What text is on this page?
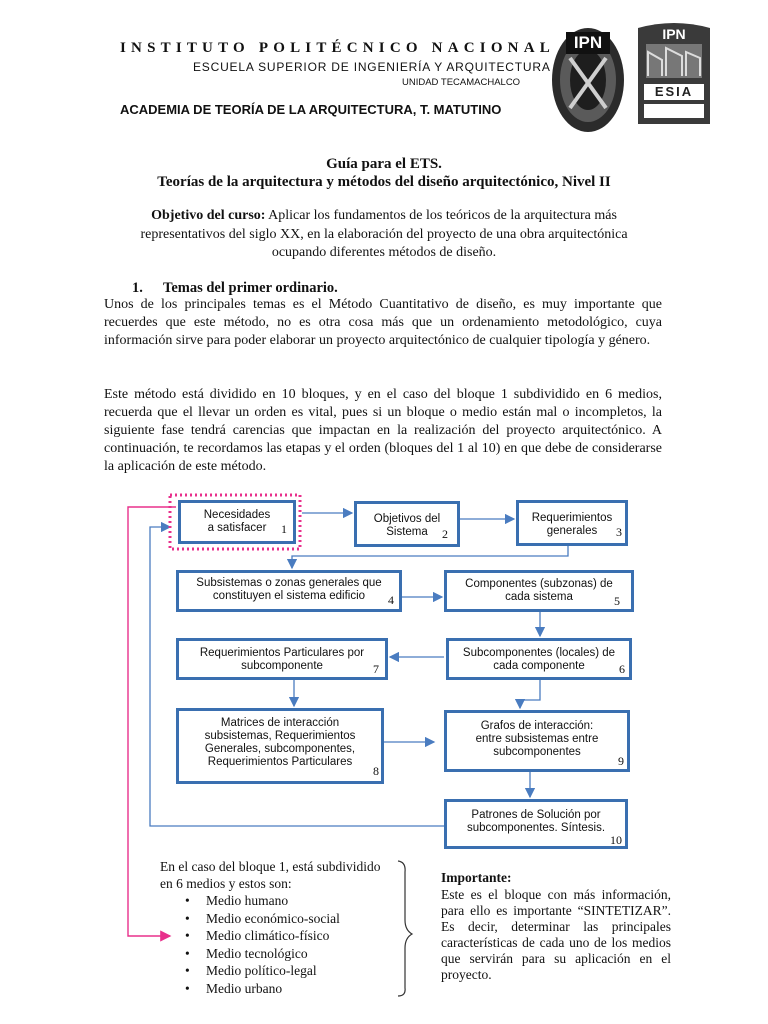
INSTITUTO POLITÉCNICO NACIONAL
ESCUELA SUPERIOR DE INGENIERÍA Y ARQUITECTURA
UNIDAD TECAMACHALCO
ACADEMIA DE TEORÍA DE LA ARQUITECTURA, T. MATUTINO
IPN	IPN
ESIA
Guía para el ETS.
Teorías de la arquitectura y métodos del diseño arquitectónico, Nivel II
Objetivo del curso: Aplicar los fundamentos de los teóricos de la arquitectura más representativos del siglo XX, en la elaboración del proyecto de una obra arquitectónica ocupando diferentes métodos de diseño.
1. Temas del primer ordinario.
Unos de los principales temas es el Método Cuantitativo de diseño, es muy importante que recuerdes que este método, no es otra cosa más que un ordenamiento metodológico, cuya información sirve para poder elaborar un proyecto arquitectónico de cualquier tipología y género.
Este método está dividido en 10 bloques, y en el caso del bloque 1 subdividido en 6 medios, recuerda que el llevar un orden es vital, pues si un bloque o medio están mal o incompletos, la siguiente fase tendrá carencias que impactan en la realización del proyecto arquitectónico. A continuación, te recordamos las etapas y el orden (bloques del 1 al 10) en que debe de considerarse la aplicación de este método.
Necesidades a satisfacer	1
Objetivos del Sistema	2
Requerimientos generales	3
Subsistemas o zonas generales que constituyen el sistema edificio	4
Componentes (subzonas) de cada sistema	5
Requerimientos Particulares por subcomponente	7
Subcomponentes (locales) de cada componente	6
Matrices de interacción subsistemas, Requerimientos Generales, subcomponentes, Requerimientos Particulares
8
Grafos de interacción: entre subsistemas entre subcomponentes
9
Patrones de Solución por subcomponentes. Síntesis.
10
En el caso del bloque 1, está subdividido en 6 medios y estos son:
• Medio humano
• Medio económico-social
• Medio climático-físico
• Medio tecnológico
• Medio político-legal
• Medio urbano
Importante:
Este es el bloque con más información, para ello es importante “SINTETIZAR”. Es decir, determinar las principales características de cada uno de los medios que servirán para su aplicación en el proyecto.
